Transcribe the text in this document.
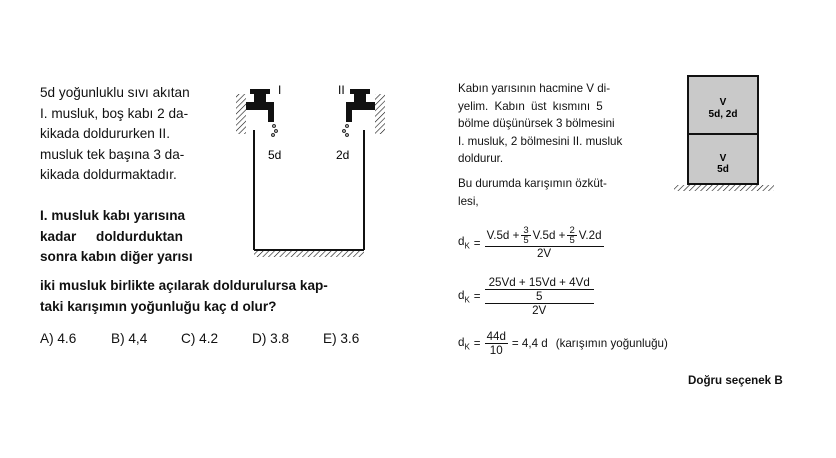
5d yoğunluklu sıvı akıtan
I. musluk, boş kabı 2 da-
kikada doldururken II.
musluk tek başına 3 da-
kikada doldurmaktadır.
I. musluk kabı yarısına
kadar doldurduktan
sonra kabın diğer yarısı
iki musluk birlikte açılarak doldurulursa kap-
taki karışımın yoğunluğu kaç d olur?
A) 4.6	B) 4,4 C) 4.2 D) 3.8 E) 3.6
I	II
5d	2d
Kabın yarısının hacmine V di-
yelim. Kabın üst kısmını 5
bölme düşünürsek 3 bölmesini
I. musluk, 2 bölmesini II. musluk
doldurur.
Bu durumda karışımın özküt-
lesi,
V
5d, 2d
V
5d
$d_K = \frac{V.5d + \frac{3}{5} V.5d + \frac{2}{5} V.2d}{2V}$
$d_K = 25Vd + 15Vd + 4Vd$
5
2V
$d_K = \frac{44d}{10} = 4,4$ d (karışımın yoğunluğu)
Doğru seçenek B
